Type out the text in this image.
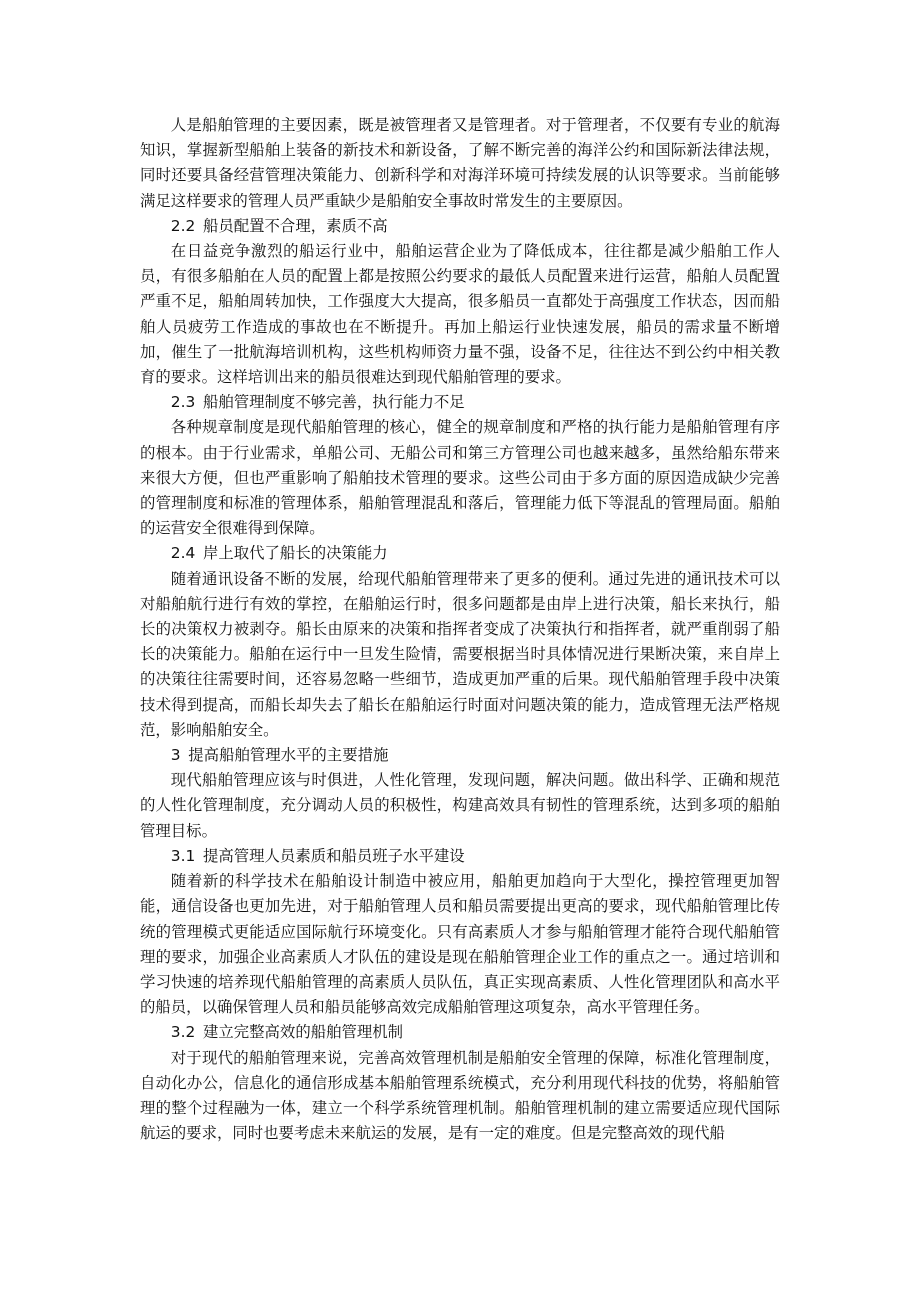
人是船舶管理的主要因素，既是被管理者又是管理者。对于管理者，不仅要有专业的航海知识，掌握新型船舶上装备的新技术和新设备，了解不断完善的海洋公约和国际新法律法规，同时还要具备经营管理决策能力、创新科学和对海洋环境可持续发展的认识等要求。当前能够满足这样要求的管理人员严重缺少是船舶安全事故时常发生的主要原因。

2.2 船员配置不合理，素质不高

在日益竞争激烈的船运行业中，船舶运营企业为了降低成本，往往都是减少船舶工作人员，有很多船舶在人员的配置上都是按照公约要求的最低人员配置来进行运营，船舶人员配置严重不足，船舶周转加快，工作强度大大提高，很多船员一直都处于高强度工作状态，因而船舶人员疲劳工作造成的事故也在不断提升。再加上船运行业快速发展，船员的需求量不断增加，催生了一批航海培训机构，这些机构师资力量不强，设备不足，往往达不到公约中相关教育的要求。这样培训出来的船员很难达到现代船舶管理的要求。

2.3 船舶管理制度不够完善，执行能力不足

各种规章制度是现代船舶管理的核心，健全的规章制度和严格的执行能力是船舶管理有序的根本。由于行业需求，单船公司、无船公司和第三方管理公司也越来越多，虽然给船东带来来很大方便，但也严重影响了船舶技术管理的要求。这些公司由于多方面的原因造成缺少完善的管理制度和标准的管理体系，船舶管理混乱和落后，管理能力低下等混乱的管理局面。船舶的运营安全很难得到保障。

2.4 岸上取代了船长的决策能力

随着通讯设备不断的发展，给现代船舶管理带来了更多的便利。通过先进的通讯技术可以对船舶航行进行有效的掌控，在船舶运行时，很多问题都是由岸上进行决策，船长来执行，船长的决策权力被剥夺。船长由原来的决策和指挥者变成了决策执行和指挥者，就严重削弱了船长的决策能力。船舶在运行中一旦发生险情，需要根据当时具体情况进行果断决策，来自岸上的决策往往需要时间，还容易忽略一些细节，造成更加严重的后果。现代船舶管理手段中决策技术得到提高，而船长却失去了船长在船舶运行时面对问题决策的能力，造成管理无法严格规范，影响船舶安全。

3 提高船舶管理水平的主要措施

现代船舶管理应该与时俱进，人性化管理，发现问题，解决问题。做出科学、正确和规范的人性化管理制度，充分调动人员的积极性，构建高效具有韧性的管理系统，达到多项的船舶管理目标。

3.1 提高管理人员素质和船员班子水平建设

随着新的科学技术在船舶设计制造中被应用，船舶更加趋向于大型化，操控管理更加智能，通信设备也更加先进，对于船舶管理人员和船员需要提出更高的要求，现代船舶管理比传统的管理模式更能适应国际航行环境变化。只有高素质人才参与船舶管理才能符合现代船舶管理的要求，加强企业高素质人才队伍的建设是现在船舶管理企业工作的重点之一。通过培训和学习快速的培养现代船舶管理的高素质人员队伍，真正实现高素质、人性化管理团队和高水平的船员，以确保管理人员和船员能够高效完成船舶管理这项复杂，高水平管理任务。

3.2 建立完整高效的船舶管理机制

对于现代的船舶管理来说，完善高效管理机制是船舶安全管理的保障，标准化管理制度，自动化办公，信息化的通信形成基本船舶管理系统模式，充分利用现代科技的优势，将船舶管理的整个过程融为一体，建立一个科学系统管理机制。船舶管理机制的建立需要适应现代国际航运的要求，同时也要考虑未来航运的发展，是有一定的难度。但是完整高效的现代船
